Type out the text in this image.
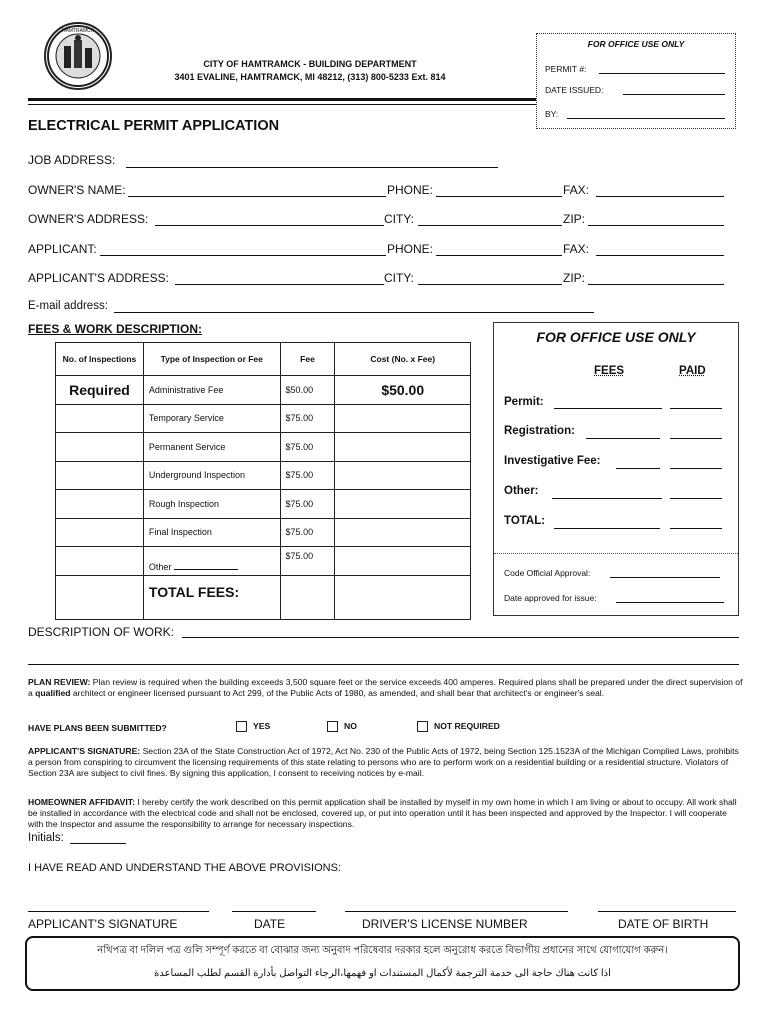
HAMTRAMCK
CITY OF HAMTRAMCK - BUILDING DEPARTMENT
3401 EVALINE, HAMTRAMCK, MI 48212, (313) 800-5233 Ext. 814
FOR OFFICE USE ONLY
PERMIT #:
DATE ISSUED:
BY:
ELECTRICAL PERMIT APPLICATION
JOB ADDRESS:
OWNER'S NAME:	PHONE:	FAX:
OWNER'S ADDRESS:	CITY:	ZIP:
APPLICANT:	PHONE:	FAX:
APPLICANT'S ADDRESS:	CITY:	ZIP:
E-mail address:
FEES & WORK DESCRIPTION:
No. of Inspections	Type of Inspection or Fee	Fee	Cost (No. x Fee)
Required	Administrative Fee	$50.00	$50.00
	Temporary Service	$75.00	
	Permanent Service	$75.00	
	Underground Inspection	$75.00	
	Rough Inspection	$75.00	
	Final Inspection	$75.00	
	Other	$75.00	
	TOTAL FEES:		
FOR OFFICE USE ONLY
FEES	PAID
Permit:
Registration:
Investigative Fee:
Other:
TOTAL:
Code Official Approval:
Date approved for issue:
DESCRIPTION OF WORK:
PLAN REVIEW: Plan review is required when the building exceeds 3,500 square feet or the service exceeds 400 amperes. Required plans shall be prepared under the direct supervision of a qualified architect or engineer licensed pursuant to Act 299, of the Public Acts of 1980, as amended, and shall bear that architect's or engineer's seal.
HAVE PLANS BEEN SUBMITTED?	YES	NO	NOT REQUIRED
APPLICANT'S SIGNATURE: Section 23A of the State Construction Act of 1972, Act No. 230 of the Public Acts of 1972, being Section 125.1523A of the Michigan Complied Laws, prohibits a person from conspiring to circumvent the licensing requirements of this state relating to persons who are to perform work on a residential building or a residential structure. Violators of Section 23A are subject to civil fines. By signing this application, I consent to receiving notices by e-mail.
HOMEOWNER AFFIDAVIT: I hereby certify the work described on this permit application shall be installed by myself in my own home in which I am living or about to occupy. All work shall be installed in accordance with the electrical code and shall not be enclosed, covered up, or put into operation until it has been inspected and approved by the Inspector. I will cooperate with the Inspector and assume the responsibility to arrange for necessary inspections.
Initials:
I HAVE READ AND UNDERSTAND THE ABOVE PROVISIONS:
APPLICANT'S SIGNATURE	DATE	DRIVER'S LICENSE NUMBER	DATE OF BIRTH
নথিপত্র বা দলিল পত্র গুলি সম্পূর্ণ করতে বা বোঝার জন্য অনুবাদ পরিষেবার দরকার হলে অনুরোধ করতে বিভাগীয় প্রধানের সাথে যোগাযোগ করুন।
اذا كانت هناك حاجة الى خدمة الترجمة لأكمال المستندات او فهمها،الرجاء التواصل بأدارة القسم لطلب المساعدة
